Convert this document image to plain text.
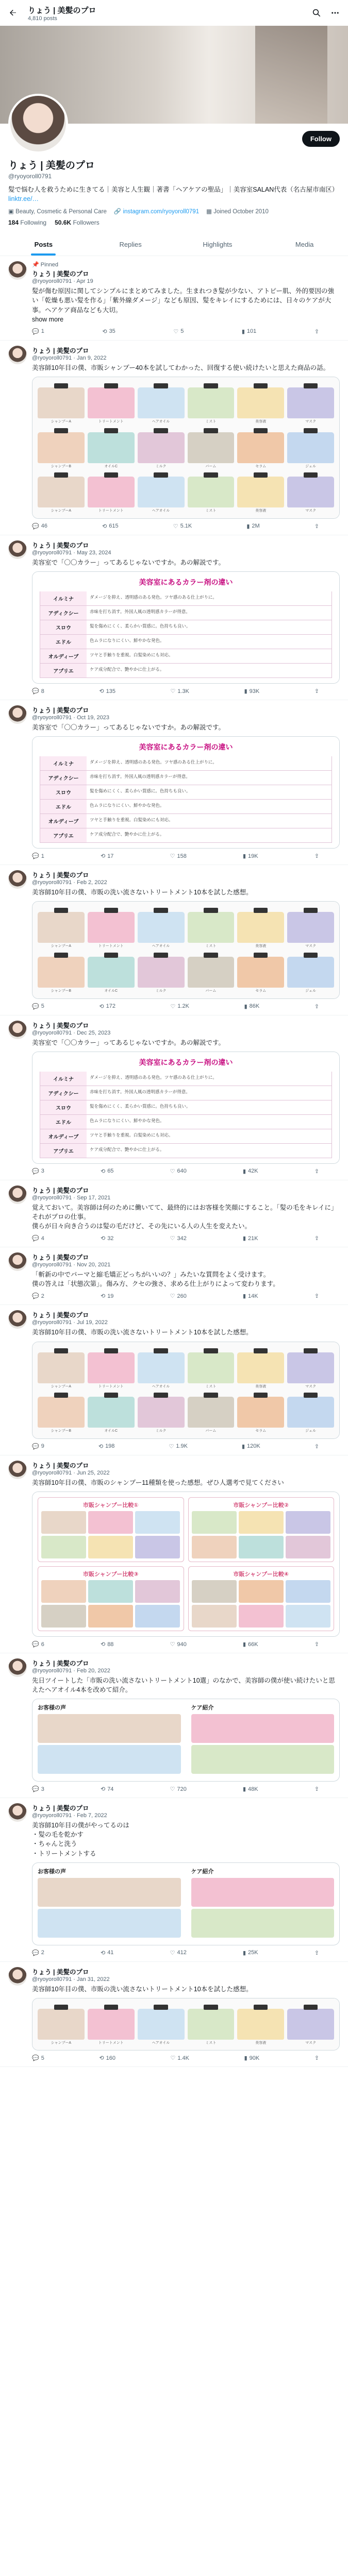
りょう | 美髪のプロ
4,810 posts
Follow
りょう | 美髪のプロ
@ryoyoroll0791
髪で悩む人を救うために生きてる｜美容と人生観｜著書「ヘアケアの聖品」｜美容室SALAN代表（名古屋市南区）
linktr.ee/…
▣ Beauty, Cosmetic & Personal Care 🔗 instagram.com/ryoyoroll0791 ▦ Joined October 2010
184 Following 50.6K Followers
Posts	Replies	Highlights	Media
📌 Pinned
りょう | 美髪のプロ
@ryoyoroll0791 · Apr 19
髪が傷む原因に関してシンプルにまとめてみました。生まれつき髪が少ない、アトピー肌、外的要因の強い「乾燥も悪い髪を作る」「紫外線ダメージ」なども原因、髪をキレイにするためには、日々のケアが大事。ヘアケア商品なども大切。
show more
💬 1	⟲ 35	♡ 5	▮ 101	⇪
りょう | 美髪のプロ
@ryoyoroll0791 · Jan 9, 2022
美容師10年目の僕、市販シャンプー40本を試してわかった、回復する使い続けたいと思えた商品の話。
シャンプーA	トリートメント	ヘアオイル	ミスト	美容液	マスク
シャンプーB	オイルC	ミルク	バーム	セラム	ジェル
シャンプーA	トリートメント	ヘアオイル	ミスト	美容液	マスク
💬 46	⟲ 615	♡ 5.1K	▮ 2M	⇪
りょう | 美髪のプロ
@ryoyoroll0791 · May 23, 2024
美容室で「〇〇カラー」ってあるじゃないですか。あの解説です。
美容室にあるカラー剤の違い
イルミナ	ダメージを抑え、透明感のある発色。ツヤ感のある仕上がりに。
アディクシー	赤味を打ち消す。外国人風の透明感カラーが得意。
スロウ	髪を傷めにくく、柔らかい質感に。色持ちも良い。
エドル	色ムラになりにくい、鮮やかな発色。
オルディーブ	ツヤと手触りを重視。白髪染めにも対応。
アプリエ	ケア成分配合で、艶やかに仕上がる。
💬 8	⟲ 135	♡ 1.3K	▮ 93K	⇪
りょう | 美髪のプロ
@ryoyoroll0791 · Oct 19, 2023
美容室で「〇〇カラー」ってあるじゃないですか。あの解説です。
美容室にあるカラー剤の違い
イルミナ	ダメージを抑え、透明感のある発色。ツヤ感のある仕上がりに。
アディクシー	赤味を打ち消す。外国人風の透明感カラーが得意。
スロウ	髪を傷めにくく、柔らかい質感に。色持ちも良い。
エドル	色ムラになりにくい、鮮やかな発色。
オルディーブ	ツヤと手触りを重視。白髪染めにも対応。
アプリエ	ケア成分配合で、艶やかに仕上がる。
💬 1	⟲ 17	♡ 158	▮ 19K	⇪
りょう | 美髪のプロ
@ryoyoroll0791 · Feb 2, 2022
美容師10年目の僕、市販の洗い流さないトリートメント10本を試した感想。
シャンプーA	トリートメント	ヘアオイル	ミスト	美容液	マスク
シャンプーB	オイルC	ミルク	バーム	セラム	ジェル
💬 5	⟲ 172	♡ 1.2K	▮ 86K	⇪
りょう | 美髪のプロ
@ryoyoroll0791 · Dec 25, 2023
美容室で「〇〇カラー」ってあるじゃないですか。あの解説です。
美容室にあるカラー剤の違い
イルミナ	ダメージを抑え、透明感のある発色。ツヤ感のある仕上がりに。
アディクシー	赤味を打ち消す。外国人風の透明感カラーが得意。
スロウ	髪を傷めにくく、柔らかい質感に。色持ちも良い。
エドル	色ムラになりにくい、鮮やかな発色。
オルディーブ	ツヤと手触りを重視。白髪染めにも対応。
アプリエ	ケア成分配合で、艶やかに仕上がる。
💬 3	⟲ 65	♡ 640	▮ 42K	⇪
りょう | 美髪のプロ
@ryoyoroll0791 · Sep 17, 2021
覚えておいて。美容師は何のために働いてて、最終的にはお客様を笑顔にすること。「髪の毛をキレイに」それがプロの仕事。
僕らが日々向き合うのは髪の毛だけど、その先にいる人の人生を変えたい。
💬 4	⟲ 32	♡ 342	▮ 21K	⇪
りょう | 美髪のプロ
@ryoyoroll0791 · Nov 20, 2021
「斬新の中でパーマと縮毛矯正どっちがいいの？」みたいな質問をよく受けます。
僕の答えは「状態次第」。傷み方、クセの強さ、求める仕上がりによって変わります。
💬 2	⟲ 19	♡ 260	▮ 14K	⇪
りょう | 美髪のプロ
@ryoyoroll0791 · Jul 19, 2022
美容師10年目の僕、市販の洗い流さないトリートメント10本を試した感想。
シャンプーA	トリートメント	ヘアオイル	ミスト	美容液	マスク
シャンプーB	オイルC	ミルク	バーム	セラム	ジェル
💬 9	⟲ 198	♡ 1.9K	▮ 120K	⇪
りょう | 美髪のプロ
@ryoyoroll0791 · Jun 25, 2022
美容師10年目の僕、市販のシャンプー11種類を使った感想。ぜひ人選考で見てください
市販シャンプー比較①	市販シャンプー比較②
市販シャンプー比較③	市販シャンプー比較④
💬 6	⟲ 88	♡ 940	▮ 66K	⇪
りょう | 美髪のプロ
@ryoyoroll0791 · Feb 20, 2022
先日ツイートした「市販の洗い流さないトリートメント10選」のなかで、美容師の僕が使い続けたいと思えたヘアオイル4本を改めて紹介。
お客様の声	ケア紹介
💬 3	⟲ 74	♡ 720	▮ 48K	⇪
りょう | 美髪のプロ
@ryoyoroll0791 · Feb 7, 2022
美容師10年目の僕がやってるのは
・髪の毛を乾かす
・ちゃんと洗う
・トリートメントする
お客様の声	ケア紹介
💬 2	⟲ 41	♡ 412	▮ 25K	⇪
りょう | 美髪のプロ
@ryoyoroll0791 · Jan 31, 2022
美容師10年目の僕、市販の洗い流さないトリートメント10本を試した感想。
シャンプーA	トリートメント	ヘアオイル	ミスト	美容液	マスク
💬 5	⟲ 160	♡ 1.4K	▮ 90K	⇪
